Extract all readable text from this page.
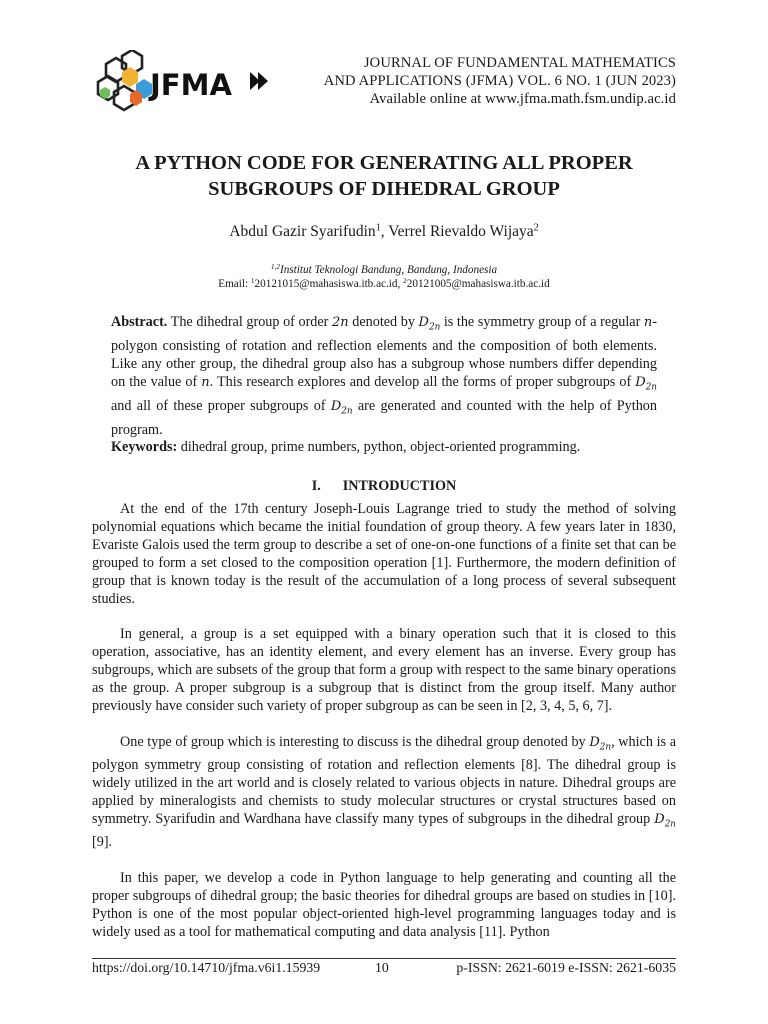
JFMA
JOURNAL OF FUNDAMENTAL MATHEMATICS
AND APPLICATIONS (JFMA) VOL. 6 NO. 1 (JUN 2023)
Available online at www.jfma.math.fsm.undip.ac.id
A PYTHON CODE FOR GENERATING ALL PROPER
SUBGROUPS OF DIHEDRAL GROUP
Abdul Gazir Syarifudin$^1$, Verrel Rievaldo Wijaya$^2$
$^{1,2}$Institut Teknologi Bandung, Bandung, Indonesia
Email: $^1$20121015@mahasiswa.itb.ac.id, $^2$20121005@mahasiswa.itb.ac.id

Abstract. The dihedral group of order 2n denoted by $D_{2n}$ is the symmetry group of a regular n-polygon consisting of rotation and reflection elements and the composition of both elements. Like any other group, the dihedral group also has a subgroup whose numbers differ depending on the value of n. This research explores and develop all the forms of proper subgroups of $D_{2n}$ and all of these proper subgroups of $D_{2n}$ are generated and counted with the help of Python program.

Keywords: dihedral group, prime numbers, python, object-oriented programming.

I. INTRODUCTION

At the end of the 17th century Joseph-Louis Lagrange tried to study the method of solving polynomial equations which became the initial foundation of group theory. A few years later in 1830, Evariste Galois used the term group to describe a set of one-on-one functions of a finite set that can be grouped to form a set closed to the composition operation [1]. Furthermore, the modern definition of group that is known today is the result of the accumulation of a long process of several subsequent studies.

In general, a group is a set equipped with a binary operation such that it is closed to this operation, associative, has an identity element, and every element has an inverse. Every group has subgroups, which are subsets of the group that form a group with respect to the same binary operations as the group. A proper subgroup is a subgroup that is distinct from the group itself. Many author previously have consider such variety of proper subgroup as can be seen in [2, 3, 4, 5, 6, 7].

One type of group which is interesting to discuss is the dihedral group denoted by $D_{2n}$, which is a polygon symmetry group consisting of rotation and reflection elements [8]. The dihedral group is widely utilized in the art world and is closely related to various objects in nature. Dihedral groups are applied by mineralogists and chemists to study molecular structures or crystal structures based on symmetry. Syarifudin and Wardhana have classify many types of subgroups in the dihedral group $D_{2n}$ [9].

In this paper, we develop a code in Python language to help generating and counting all the proper subgroups of dihedral group; the basic theories for dihedral groups are based on studies in [10]. Python is one of the most popular object-oriented high-level programming languages today and is widely used as a tool for mathematical computing and data analysis [11]. Python

https://doi.org/10.14710/jfma.v6i1.15939	10	p-ISSN: 2621-6019 e-ISSN: 2621-6035
